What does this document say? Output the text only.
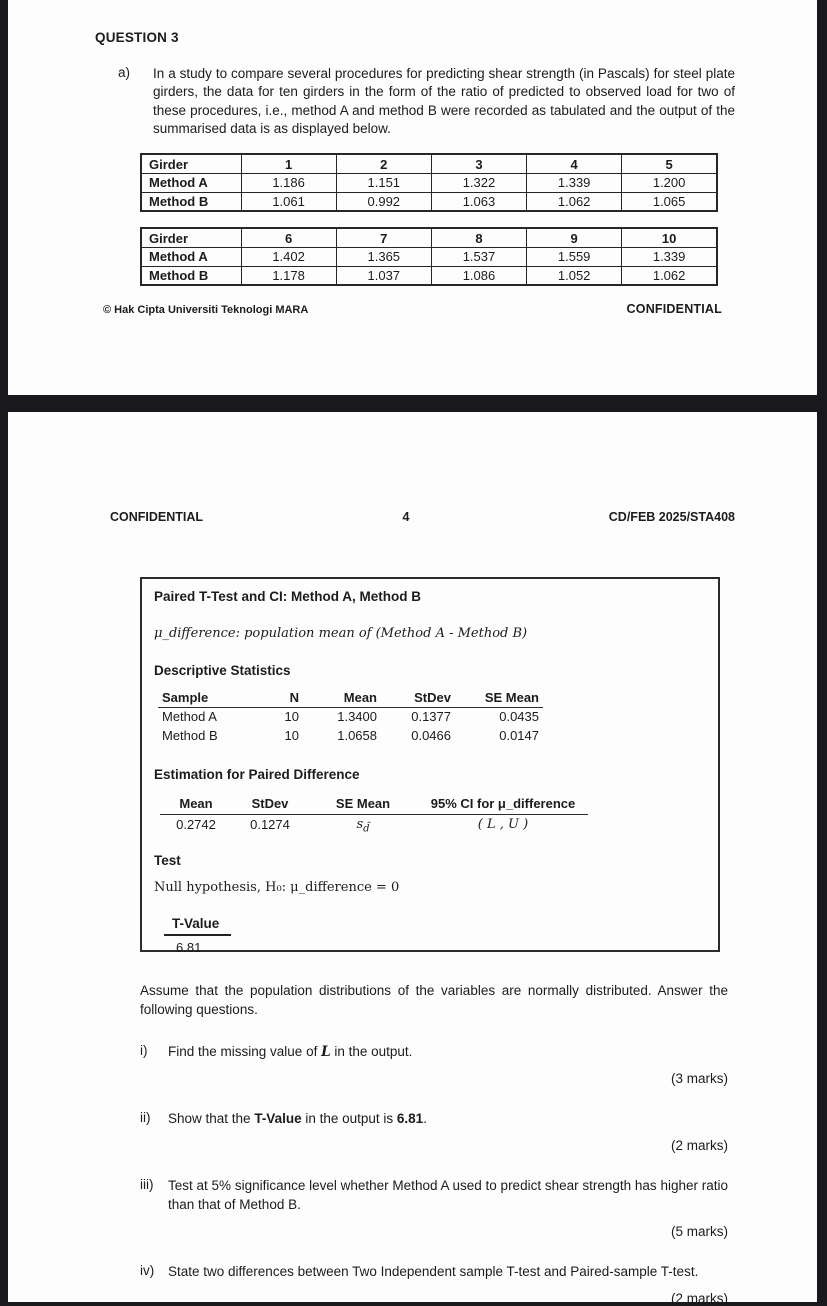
QUESTION 3
a)	In a study to compare several procedures for predicting shear strength (in Pascals) for steel plate girders, the data for ten girders in the form of the ratio of predicted to observed load for two of these procedures, i.e., method A and method B were recorded as tabulated and the output of the summarised data is as displayed below.
Girder	1	2	3	4	5
Method A	1.186	1.151	1.322	1.339	1.200
Method B	1.061	0.992	1.063	1.062	1.065
Girder	6	7	8	9	10
Method A	1.402	1.365	1.537	1.559	1.339
Method B	1.178	1.037	1.086	1.052	1.062
© Hak Cipta Universiti Teknologi MARA	CONFIDENTIAL
CONFIDENTIAL	4	CD/FEB 2025/STA408
Paired T-Test and CI: Method A, Method B
μ_difference: population mean of (Method A - Method B)
Descriptive Statistics
Sample	N	Mean	StDev	SE Mean
Method A	10	1.3400	0.1377	0.0435
Method B	10	1.0658	0.0466	0.0147
Estimation for Paired Difference
Mean	StDev	SE Mean	95% CI for μ_difference
0.2742	0.1274	$s_{d̄}$	( L , U )
Test
Null hypothesis, H₀: μ_difference = 0
T-Value
6.81
Assume that the population distributions of the variables are normally distributed. Answer the following questions.
i)	Find the missing value of L in the output.
(3 marks)
ii)	Show that the T-Value in the output is 6.81.
(2 marks)
iii)	Test at 5% significance level whether Method A used to predict shear strength has higher ratio than that of Method B.
(5 marks)
iv)	State two differences between Two Independent sample T-test and Paired-sample T-test.
(2 marks)
